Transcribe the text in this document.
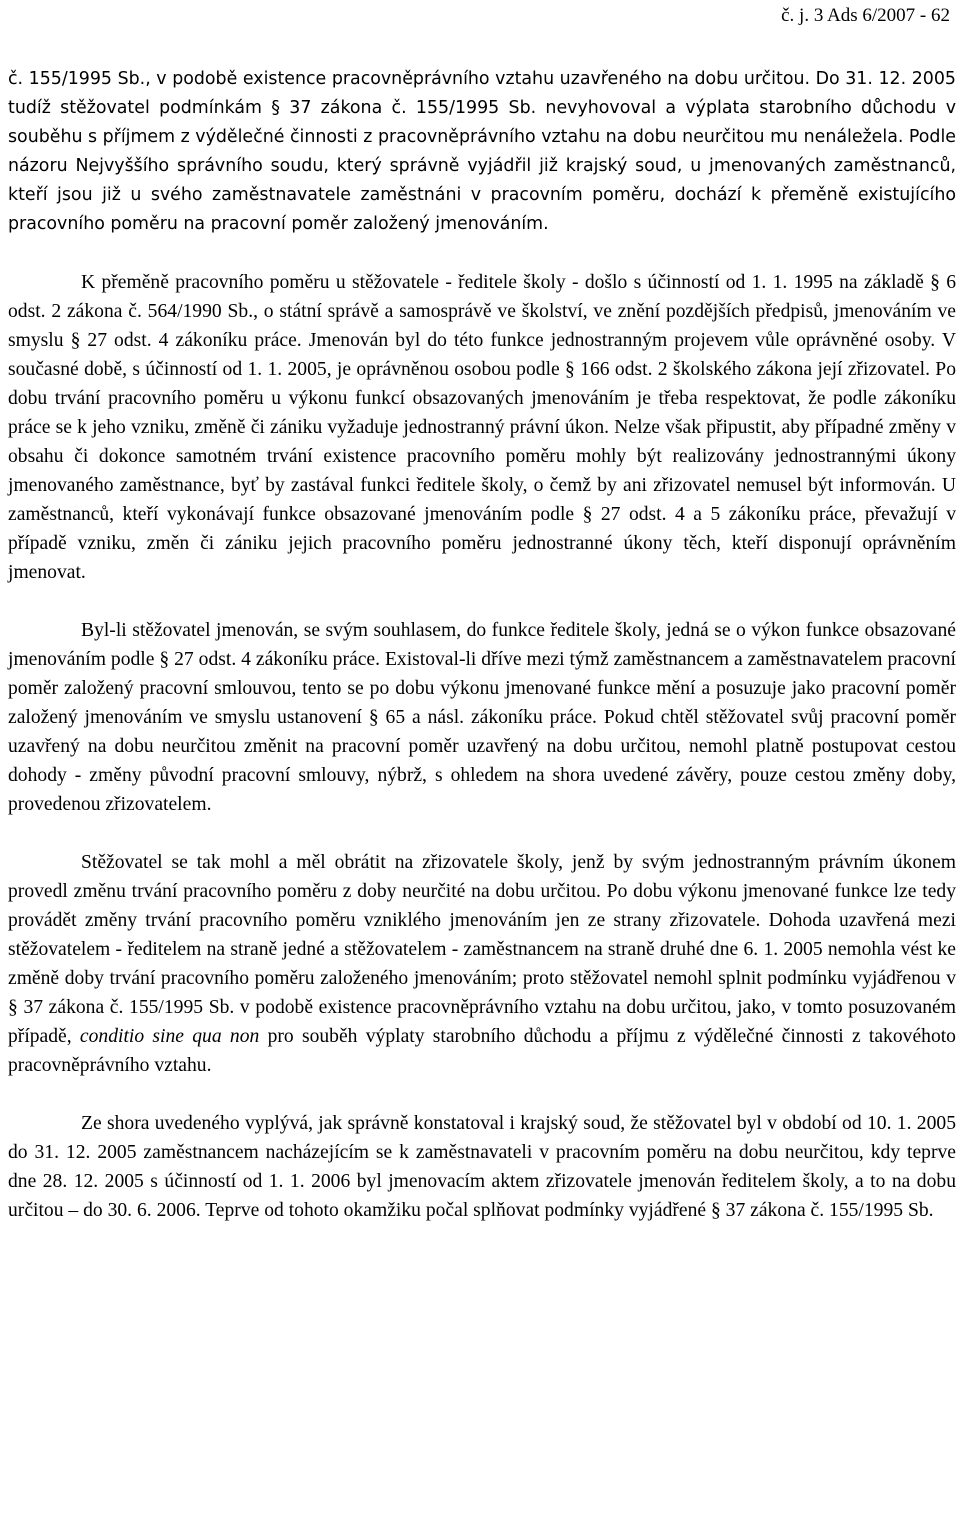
č. j. 3 Ads 6/2007 - 62

č. 155/1995 Sb., v podobě existence pracovněprávního vztahu uzavřeného na dobu určitou. Do 31. 12. 2005 tudíž stěžovatel podmínkám § 37 zákona č. 155/1995 Sb. nevyhovoval a výplata starobního důchodu v souběhu s příjmem z výdělečné činnosti z pracovněprávního vztahu na dobu neurčitou mu nenáležela. Podle názoru Nejvyššího správního soudu, který správně vyjádřil již krajský soud, u jmenovaných zaměstnanců, kteří jsou již u svého zaměstnavatele zaměstnáni v pracovním poměru, dochází k přeměně existujícího pracovního poměru na pracovní poměr založený jmenováním.

K přeměně pracovního poměru u stěžovatele - ředitele školy - došlo s účinností od 1. 1. 1995 na základě § 6 odst. 2 zákona č. 564/1990 Sb., o státní správě a samosprávě ve školství, ve znění pozdějších předpisů, jmenováním ve smyslu § 27 odst. 4 zákoníku práce. Jmenován byl do této funkce jednostranným projevem vůle oprávněné osoby. V současné době, s účinností od 1. 1. 2005, je oprávněnou osobou podle § 166 odst. 2 školského zákona její zřizovatel. Po dobu trvání pracovního poměru u výkonu funkcí obsazovaných jmenováním je třeba respektovat, že podle zákoníku práce se k jeho vzniku, změně či zániku vyžaduje jednostranný právní úkon. Nelze však připustit, aby případné změny v obsahu či dokonce samotném trvání existence pracovního poměru mohly být realizovány jednostrannými úkony jmenovaného zaměstnance, byť by zastával funkci ředitele školy, o čemž by ani zřizovatel nemusel být informován. U zaměstnanců, kteří vykonávají funkce obsazované jmenováním podle § 27 odst. 4 a 5 zákoníku práce, převažují v případě vzniku, změn či zániku jejich pracovního poměru jednostranné úkony těch, kteří disponují oprávněním jmenovat.

Byl-li stěžovatel jmenován, se svým souhlasem, do funkce ředitele školy, jedná se o výkon funkce obsazované jmenováním podle § 27 odst. 4 zákoníku práce. Existoval-li dříve mezi týmž zaměstnancem a zaměstnavatelem pracovní poměr založený pracovní smlouvou, tento se po dobu výkonu jmenované funkce mění a posuzuje jako pracovní poměr založený jmenováním ve smyslu ustanovení § 65 a násl. zákoníku práce. Pokud chtěl stěžovatel svůj pracovní poměr uzavřený na dobu neurčitou změnit na pracovní poměr uzavřený na dobu určitou, nemohl platně postupovat cestou dohody - změny původní pracovní smlouvy, nýbrž, s ohledem na shora uvedené závěry, pouze cestou změny doby, provedenou zřizovatelem.

Stěžovatel se tak mohl a měl obrátit na zřizovatele školy, jenž by svým jednostranným právním úkonem provedl změnu trvání pracovního poměru z doby neurčité na dobu určitou. Po dobu výkonu jmenované funkce lze tedy provádět změny trvání pracovního poměru vzniklého jmenováním jen ze strany zřizovatele. Dohoda uzavřená mezi stěžovatelem - ředitelem na straně jedné a stěžovatelem - zaměstnancem na straně druhé dne 6. 1. 2005 nemohla vést ke změně doby trvání pracovního poměru založeného jmenováním; proto stěžovatel nemohl splnit podmínku vyjádřenou v § 37 zákona č. 155/1995 Sb. v podobě existence pracovněprávního vztahu na dobu určitou, jako, v tomto posuzovaném případě, conditio sine qua non pro souběh výplaty starobního důchodu a příjmu z výdělečné činnosti z takovéhoto pracovněprávního vztahu.

Ze shora uvedeného vyplývá, jak správně konstatoval i krajský soud, že stěžovatel byl v období od 10. 1. 2005 do 31. 12. 2005 zaměstnancem nacházejícím se k zaměstnavateli v pracovním poměru na dobu neurčitou, kdy teprve dne 28. 12. 2005 s účinností od 1. 1. 2006 byl jmenovacím aktem zřizovatele jmenován ředitelem školy, a to na dobu určitou – do 30. 6. 2006. Teprve od tohoto okamžiku počal splňovat podmínky vyjádřené § 37 zákona č. 155/1995 Sb.
